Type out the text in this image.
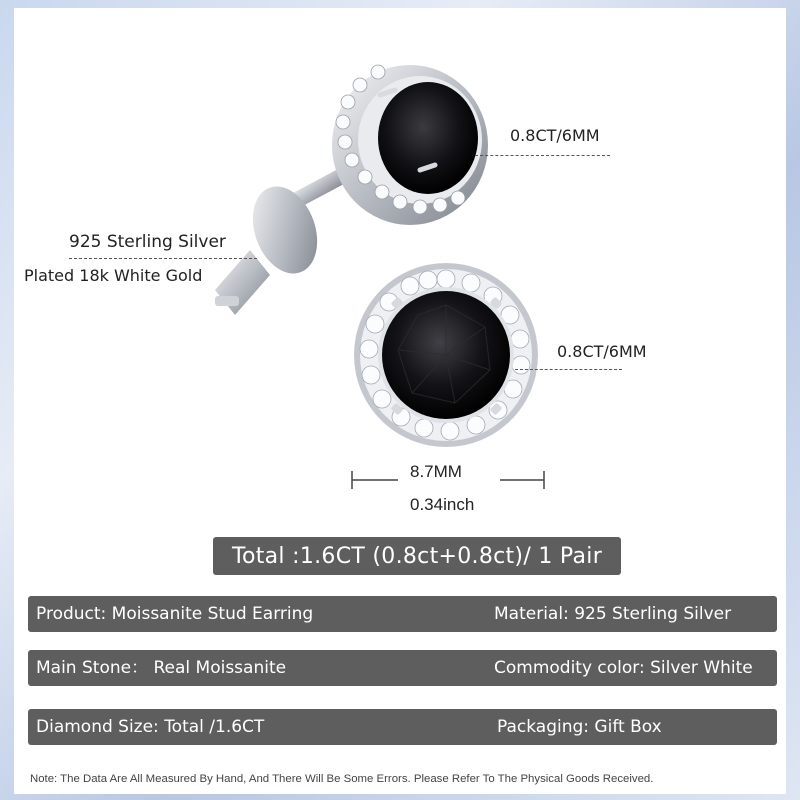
0.8CT/6MM
0.8CT/6MM
925 Sterling Silver
Plated 18k White Gold
8.7MM
0.34inch
Total :1.6CT (0.8ct+0.8ct)/ 1 Pair
Product: Moissanite Stud Earring	Material: 925 Sterling Silver
Main Stone： Real Moissanite	Commodity color: Silver White
Diamond Size: Total /1.6CT	Packaging: Gift Box
Note: The Data Are All Measured By Hand, And There Will Be Some Errors. Please Refer To The Physical Goods Received.
